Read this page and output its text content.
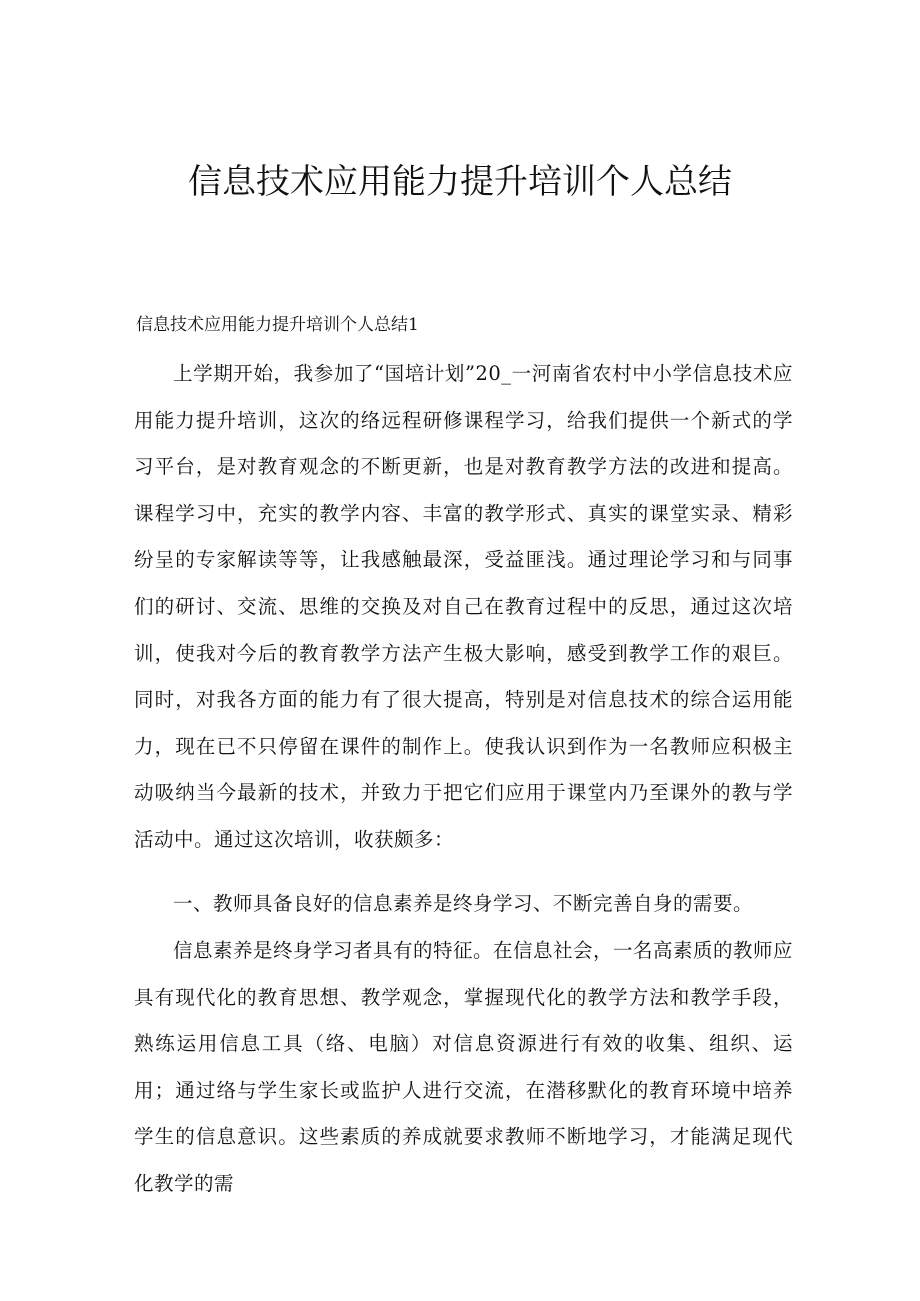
信息技术应用能力提升培训个人总结

信息技术应用能力提升培训个人总结1

上学期开始，我参加了“国培计划”20_一河南省农村中小学信息技术应用能力提升培训，这次的络远程研修课程学习，给我们提供一个新式的学习平台，是对教育观念的不断更新，也是对教育教学方法的改进和提高。课程学习中，充实的教学内容、丰富的教学形式、真实的课堂实录、精彩纷呈的专家解读等等，让我感触最深，受益匪浅。通过理论学习和与同事们的研讨、交流、思维的交换及对自己在教育过程中的反思，通过这次培训，使我对今后的教育教学方法产生极大影响，感受到教学工作的艰巨。同时，对我各方面的能力有了很大提高，特别是对信息技术的综合运用能力，现在已不只停留在课件的制作上。使我认识到作为一名教师应积极主动吸纳当今最新的技术，并致力于把它们应用于课堂内乃至课外的教与学活动中。通过这次培训，收获颇多：

一、教师具备良好的信息素养是终身学习、不断完善自身的需要。

信息素养是终身学习者具有的特征。在信息社会，一名高素质的教师应具有现代化的教育思想、教学观念，掌握现代化的教学方法和教学手段，熟练运用信息工具（络、电脑）对信息资源进行有效的收集、组织、运用；通过络与学生家长或监护人进行交流，在潜移默化的教育环境中培养学生的信息意识。这些素质的养成就要求教师不断地学习，才能满足现代化教学的需
